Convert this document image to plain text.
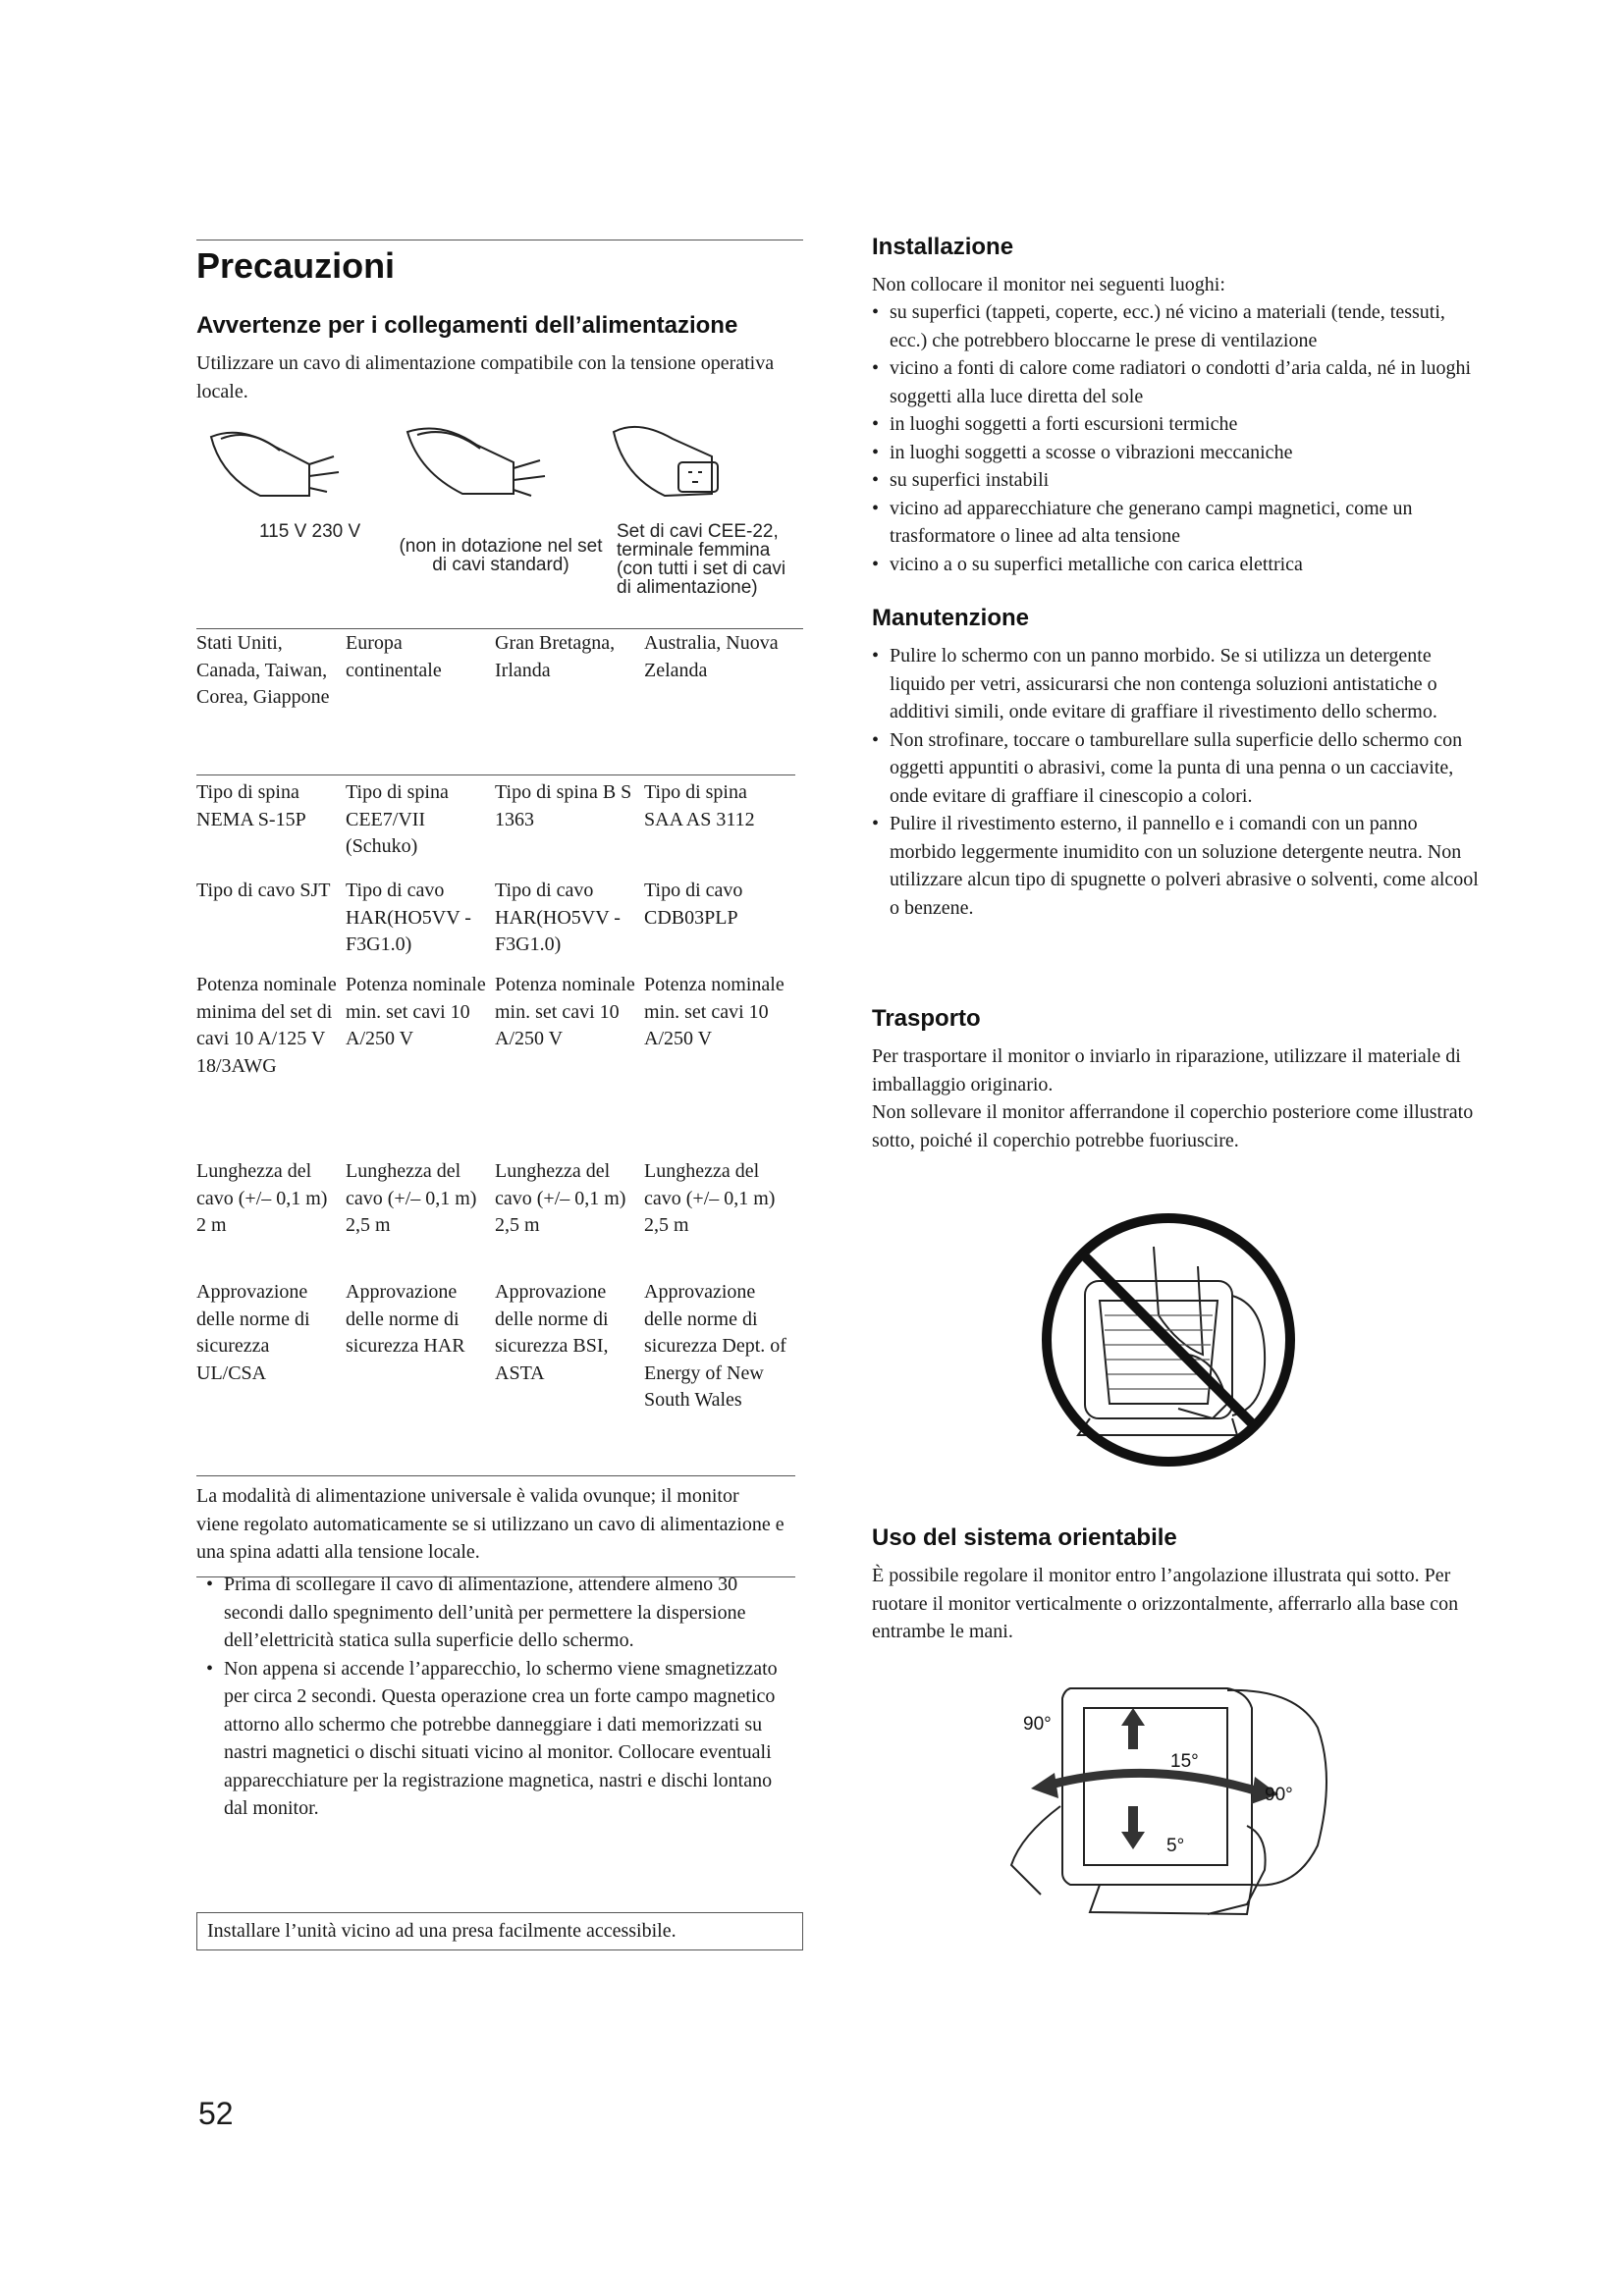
Precauzioni
Avvertenze per i collegamenti dell’alimentazione
Utilizzare un cavo di alimentazione compatibile con la tensione operativa locale.
115 V 230 V
(non in dotazione nel set di cavi standard)
Set di cavi CEE-22, terminale femmina (con tutti i set di cavi di alimentazione)
Stati Uniti, Canada, Taiwan, Corea, Giappone
Europa continentale
Gran Bretagna, Irlanda
Australia, Nuova Zelanda
Tipo di spina NEMA S-15P
Tipo di spina CEE7/VII (Schuko)
Tipo di spina B S 1363
Tipo di spina SAA AS 3112
Tipo di cavo SJT Tipo di cavo HAR(HO5VV -F3G1.0)
Tipo di cavo HAR(HO5VV -F3G1.0)
Tipo di cavo CDB03PLP
Potenza nominale minima del set di cavi 10 A/125 V 18/3AWG
Potenza nominale min. set cavi 10 A/250 V
Potenza nominale min. set cavi 10 A/250 V
Potenza nominale min. set cavi 10 A/250 V
Lunghezza del cavo (+/– 0,1 m) 2 m
Lunghezza del cavo (+/– 0,1 m) 2,5 m
Lunghezza del cavo (+/– 0,1 m) 2,5 m
Lunghezza del cavo (+/– 0,1 m) 2,5 m
Approvazione delle norme di sicurezza UL/CSA
Approvazione delle norme di sicurezza HAR
Approvazione delle norme di sicurezza BSI, ASTA
Approvazione delle norme di sicurezza Dept. of Energy of New South Wales
La modalità di alimentazione universale è valida ovunque; il monitor viene regolato automaticamente se si utilizzano un cavo di alimentazione e una spina adatti alla tensione locale.
• Prima di scollegare il cavo di alimentazione, attendere almeno 30 secondi dallo spegnimento dell’unità per permettere la dispersione dell’elettricità statica sulla superficie dello schermo.
• Non appena si accende l’apparecchio, lo schermo viene smagnetizzato per circa 2 secondi. Questa operazione crea un forte campo magnetico attorno allo schermo che potrebbe danneggiare i dati memorizzati su nastri magnetici o dischi situati vicino al monitor. Collocare eventuali apparecchiature per la registrazione magnetica, nastri e dischi lontano dal monitor.
Installare l’unità vicino ad una presa facilmente accessibile.
52
Installazione
Non collocare il monitor nei seguenti luoghi:
• su superfici (tappeti, coperte, ecc.) né vicino a materiali (tende, tessuti, ecc.) che potrebbero bloccarne le prese di ventilazione
• vicino a fonti di calore come radiatori o condotti d’aria calda, né in luoghi soggetti alla luce diretta del sole
• in luoghi soggetti a forti escursioni termiche
• in luoghi soggetti a scosse o vibrazioni meccaniche
• su superfici instabili
• vicino ad apparecchiature che generano campi magnetici, come un trasformatore o linee ad alta tensione
• vicino a o su superfici metalliche con carica elettrica
Manutenzione
• Pulire lo schermo con un panno morbido. Se si utilizza un detergente liquido per vetri, assicurarsi che non contenga soluzioni antistatiche o additivi simili, onde evitare di graffiare il rivestimento dello schermo.
• Non strofinare, toccare o tamburellare sulla superficie dello schermo con oggetti appuntiti o abrasivi, come la punta di una penna o un cacciavite, onde evitare di graffiare il cinescopio a colori.
• Pulire il rivestimento esterno, il pannello e i comandi con un panno morbido leggermente inumidito con un soluzione detergente neutra. Non utilizzare alcun tipo di spugnette o polveri abrasive o solventi, come alcool o benzene.
Trasporto
Per trasportare il monitor o inviarlo in riparazione, utilizzare il materiale di imballaggio originario.
Non sollevare il monitor afferrandone il coperchio posteriore come illustrato sotto, poiché il coperchio potrebbe fuoriuscire.
Uso del sistema orientabile
È possibile regolare il monitor entro l’angolazione illustrata qui sotto. Per ruotare il monitor verticalmente o orizzontalmente, afferrarlo alla base con entrambe le mani.
90°
15°
90°
5°
